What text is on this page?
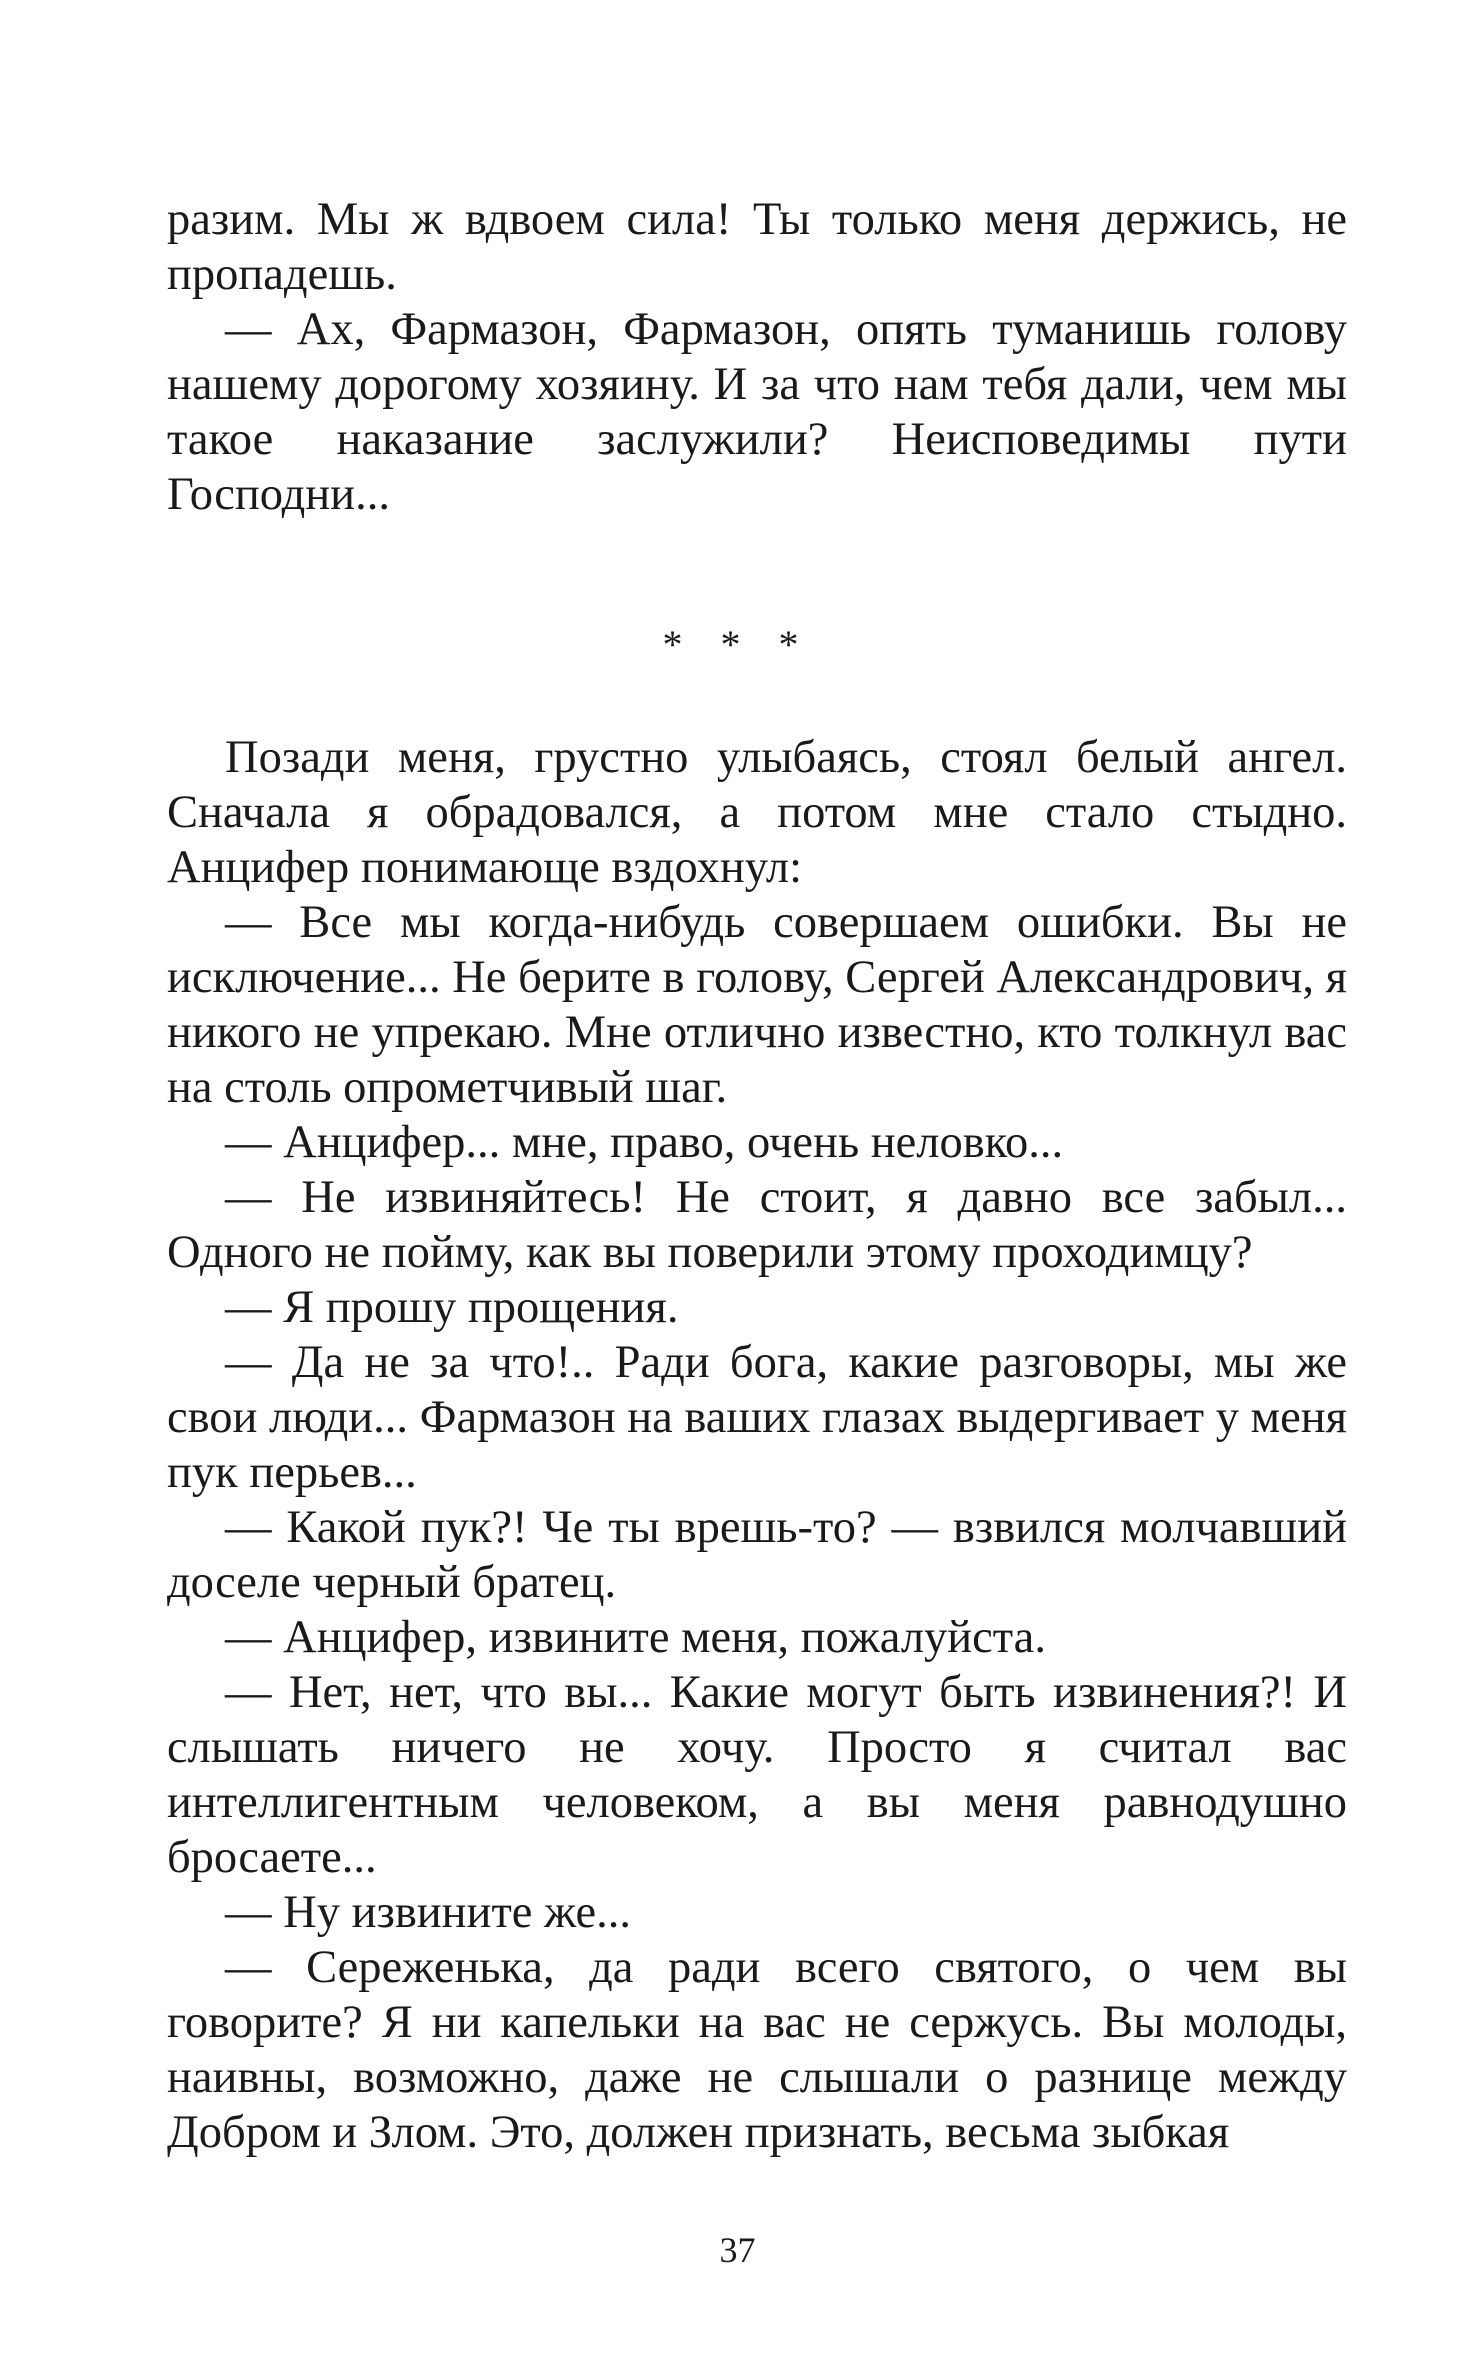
разим. Мы ж вдвоем сила! Ты только меня держись, не пропадешь.

— Ах, Фармазон, Фармазон, опять туманишь голову нашему дорогому хозяину. И за что нам тебя дали, чем мы такое наказание заслужили? Неисповедимы пути Господни...

* * *

Позади меня, грустно улыбаясь, стоял белый ангел. Сначала я обрадовался, а потом мне стало стыдно. Анцифер понимающе вздохнул:

— Все мы когда-нибудь совершаем ошибки. Вы не исключение... Не берите в голову, Сергей Александрович, я никого не упрекаю. Мне отлично известно, кто толкнул вас на столь опрометчивый шаг.

— Анцифер... мне, право, очень неловко...

— Не извиняйтесь! Не стоит, я давно все забыл... Одного не пойму, как вы поверили этому проходимцу?

— Я прошу прощения.

— Да не за что!.. Ради бога, какие разговоры, мы же свои люди... Фармазон на ваших глазах выдергивает у меня пук перьев...

— Какой пук?! Че ты врешь-то? — взвился молчавший доселе черный братец.

— Анцифер, извините меня, пожалуйста.

— Нет, нет, что вы... Какие могут быть извинения?! И слышать ничего не хочу. Просто я считал вас интеллигентным человеком, а вы меня равнодушно бросаете...

— Ну извините же...

— Сереженька, да ради всего святого, о чем вы говорите? Я ни капельки на вас не сержусь. Вы молоды, наивны, возможно, даже не слышали о разнице между Добром и Злом. Это, должен признать, весьма зыбкая

37
